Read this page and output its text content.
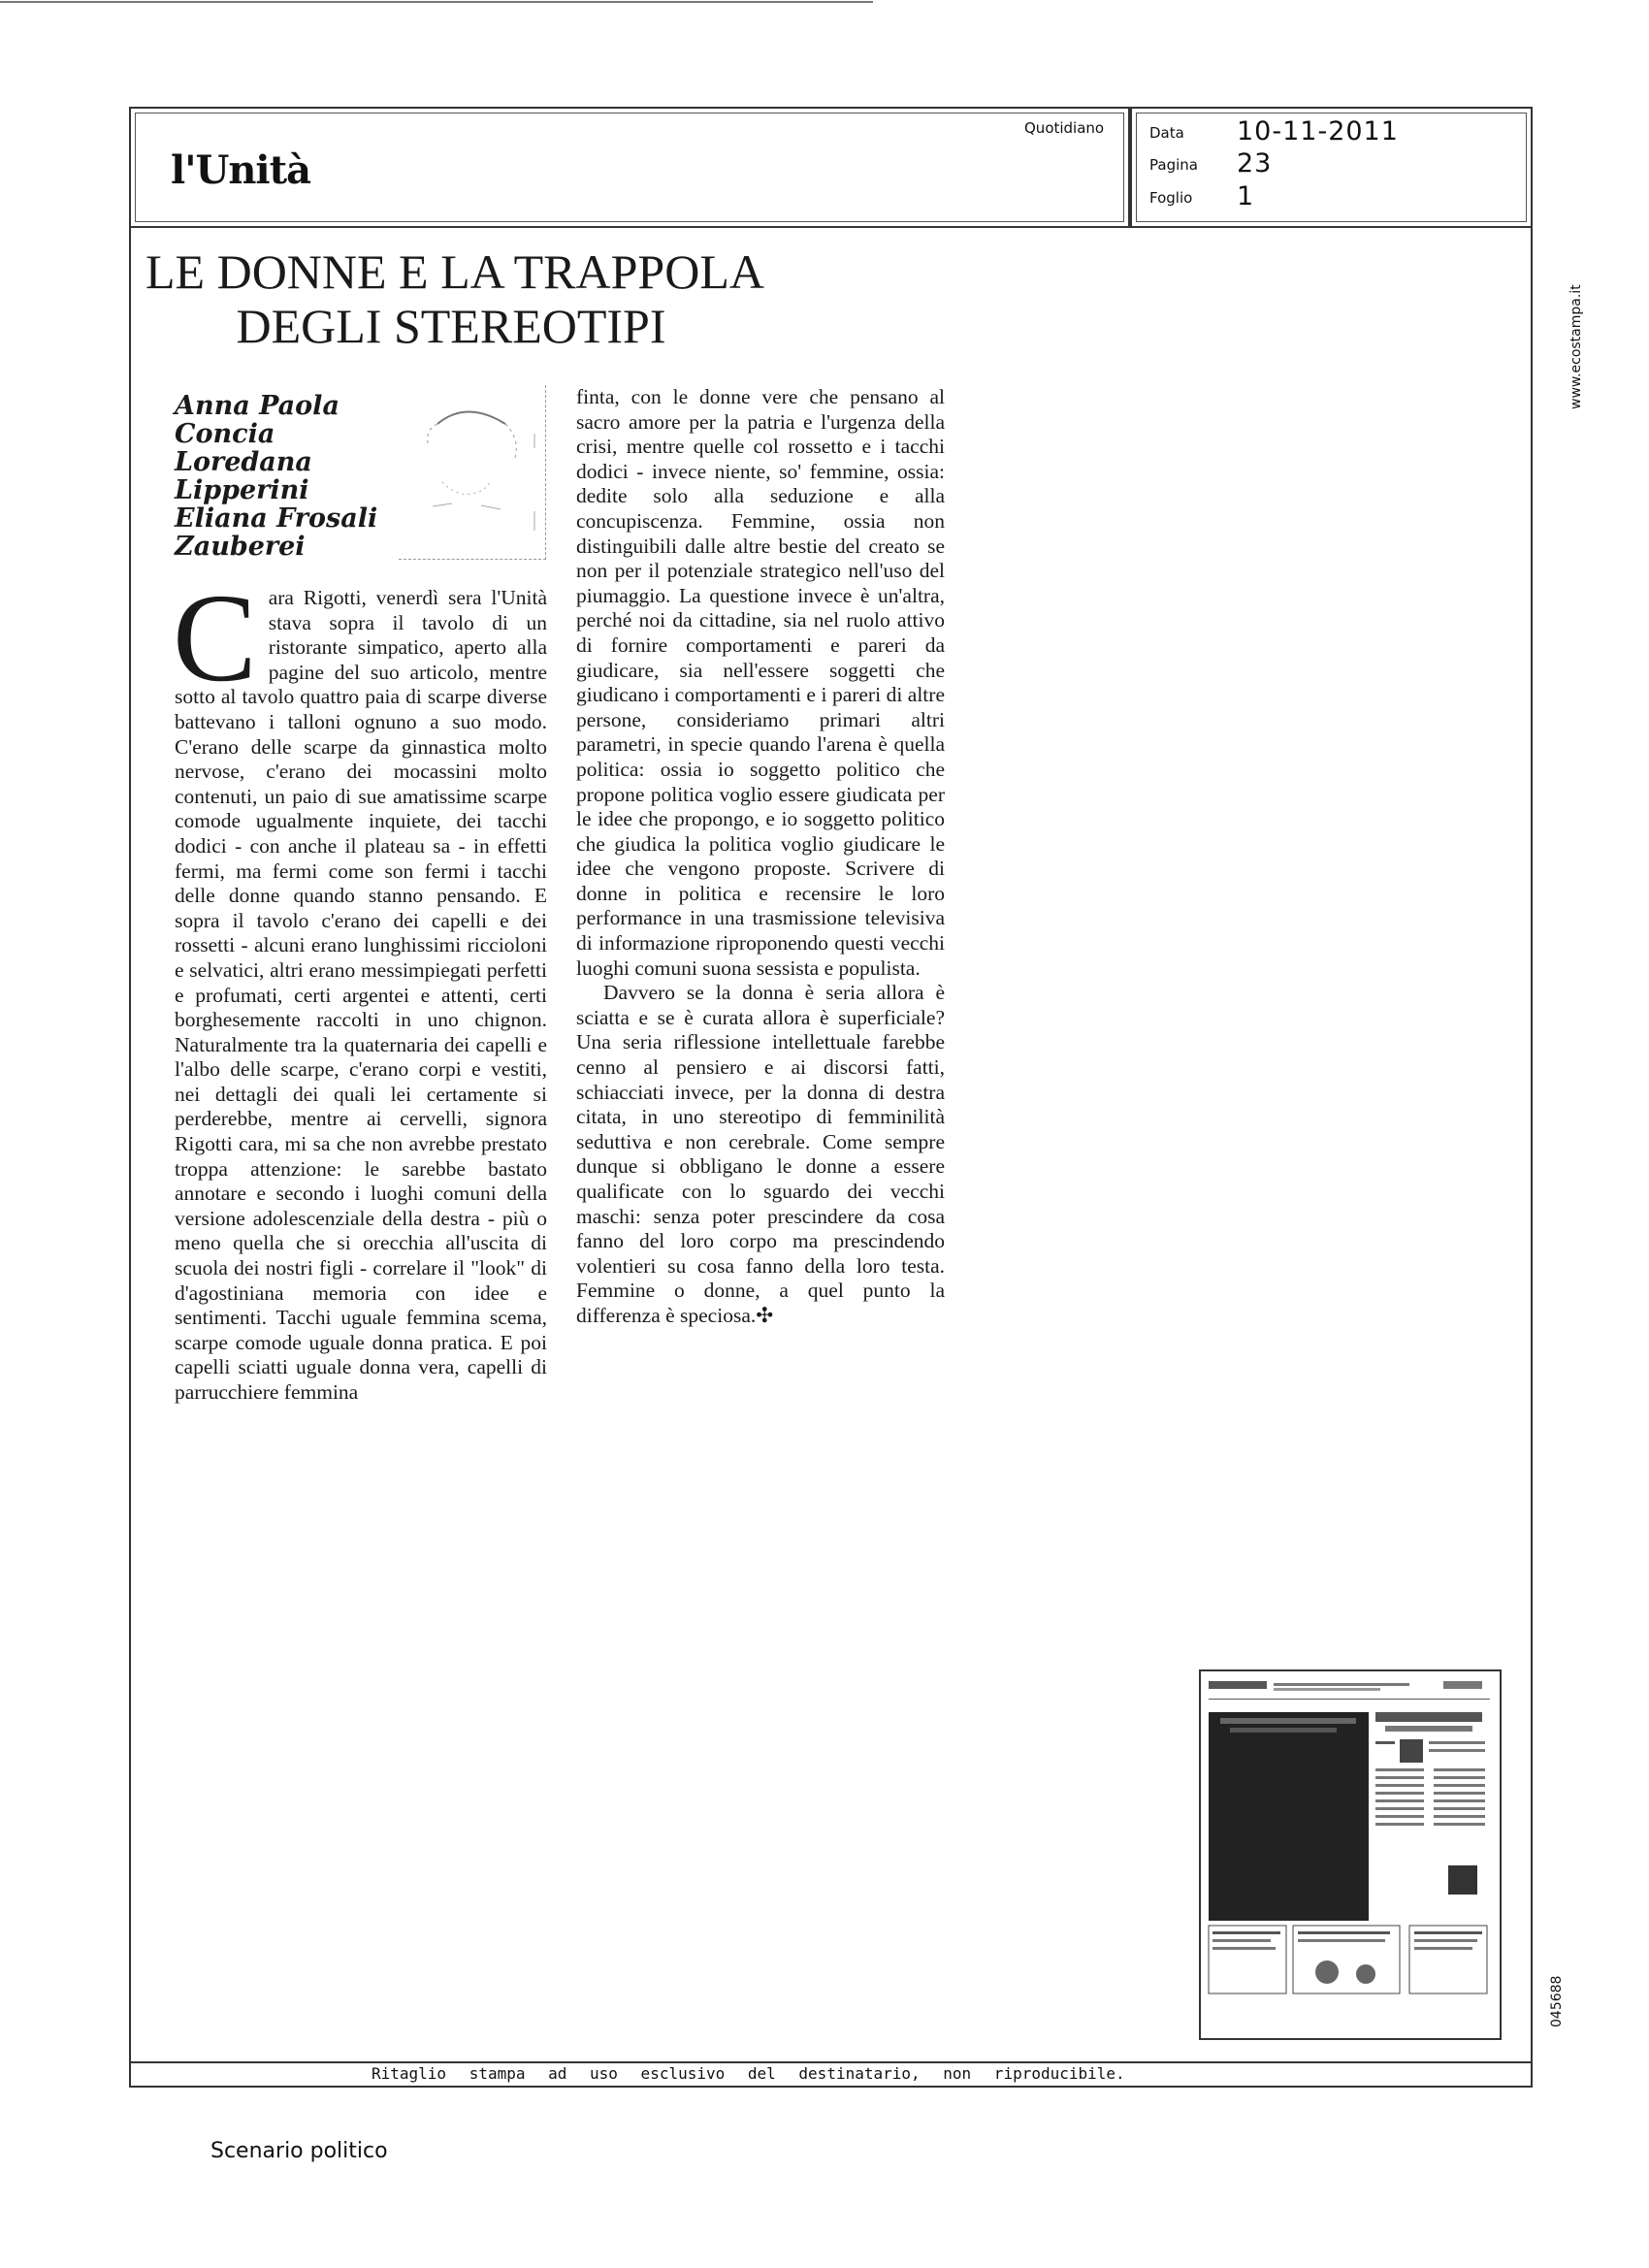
l'Unità
Quotidiano	Data 10-11-2011
Pagina 23
Foglio 1
www.ecostampa.it
045688
LE DONNE E LA TRAPPOLA
DEGLI STEREOTIPI
Anna Paola
Concia
Loredana
Lipperini
Eliana Frosali
Zauberei
C ara Rigotti, venerdì sera l'Unità stava sopra il tavolo di un ristorante simpatico, aperto alla pagine del suo articolo, mentre sotto al tavolo quattro paia di scarpe diverse battevano i talloni ognuno a suo modo. C'erano delle scarpe da ginnastica molto nervose, c'erano dei mocassini molto contenuti, un paio di sue amatissime scarpe comode ugualmente inquiete, dei tacchi dodici - con anche il plateau sa - in effetti fermi, ma fermi come son fermi i tacchi delle donne quando stanno pensando. E sopra il tavolo c'erano dei capelli e dei rossetti - alcuni erano lunghissimi riccioloni e selvatici, altri erano messimpiegati perfetti e profumati, certi argentei e attenti, certi borghesemente raccolti in uno chignon. Naturalmente tra la quaternaria dei capelli e l'albo delle scarpe, c'erano corpi e vestiti, nei dettagli dei quali lei certamente si perderebbe, mentre ai cervelli, signora Rigotti cara, mi sa che non avrebbe prestato troppa attenzione: le sarebbe bastato annotare e secondo i luoghi comuni della versione adolescenziale della destra - più o meno quella che si orecchia all'uscita di scuola dei nostri figli - correlare il "look" di d'agostiniana memoria con idee e sentimenti. Tacchi uguale femmina scema, scarpe comode uguale donna pratica. E poi capelli sciatti uguale donna vera, capelli di parrucchiere femmina

finta, con le donne vere che pensano al sacro amore per la patria e l'urgenza della crisi, mentre quelle col rossetto e i tacchi dodici - invece niente, so' femmine, ossia: dedite solo alla seduzione e alla concupiscenza. Femmine, ossia non distinguibili dalle altre bestie del creato se non per il potenziale strategico nell'uso del piumaggio. La questione invece è un'altra, perché noi da cittadine, sia nel ruolo attivo di fornire comportamenti e pareri da giudicare, sia nell'essere soggetti che giudicano i comportamenti e i pareri di altre persone, consideriamo primari altri parametri, in specie quando l'arena è quella politica: ossia io soggetto politico che propone politica voglio essere giudicata per le idee che propongo, e io soggetto politico che giudica la politica voglio giudicare le idee che vengono proposte. Scrivere di donne in politica e recensire le loro performance in una trasmissione televisiva di informazione riproponendo questi vecchi luoghi comuni suona sessista e populista.

Davvero se la donna è seria allora è sciatta e se è curata allora è superficiale? Una seria riflessione intellettuale farebbe cenno al pensiero e ai discorsi fatti, schiacciati invece, per la donna di destra citata, in uno stereotipo di femminilità seduttiva e non cerebrale. Come sempre dunque si obbligano le donne a essere qualificate con lo sguardo dei vecchi maschi: senza poter prescindere da cosa fanno del loro corpo ma prescindendo volentieri su cosa fanno della loro testa. Femmine o donne, a quel punto la differenza è speciosa.✣

Ritaglio stampa ad uso esclusivo del destinatario, non riproducibile.
Scenario politico
